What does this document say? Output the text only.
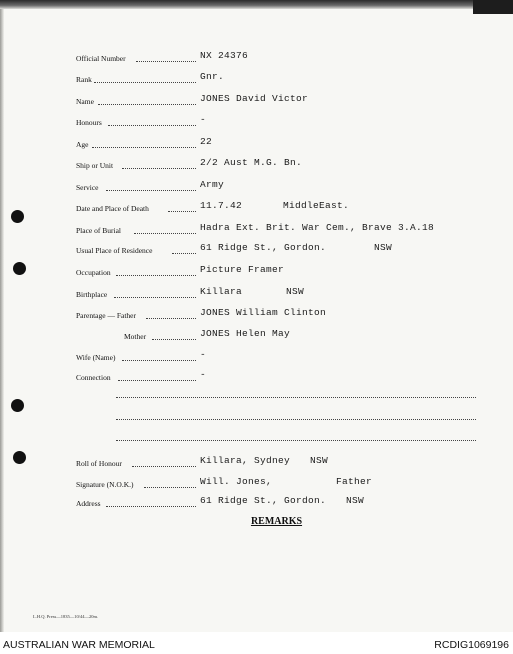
Official Number	NX 24376
Rank	Gnr.
Name	JONES David Victor
Honours	-
Age	22
Ship or Unit	2/2 Aust M.G. Bn.
Service	Army
Date and Place of Death	11.7.42	MiddleEast.
Place of Burial	Hadra Ext. Brit. War Cem., Brave 3.A.18
Usual Place of Residence	61 Ridge St., Gordon.	NSW
Occupation	Picture Framer
Birthplace	Killara	NSW
Parentage — Father	JONES William Clinton
Mother	JONES Helen May
Wife (Name)	-
Connection	-
Roll of Honour	Killara, Sydney NSW
Signature (N.O.K.)	Will. Jones,	Father
Address	61 Ridge St., Gordon. NSW
REMARKS
L.H.Q. Press—1835—10/44—20m.
AUSTRALIAN WAR MEMORIAL	RCDIG1069196
